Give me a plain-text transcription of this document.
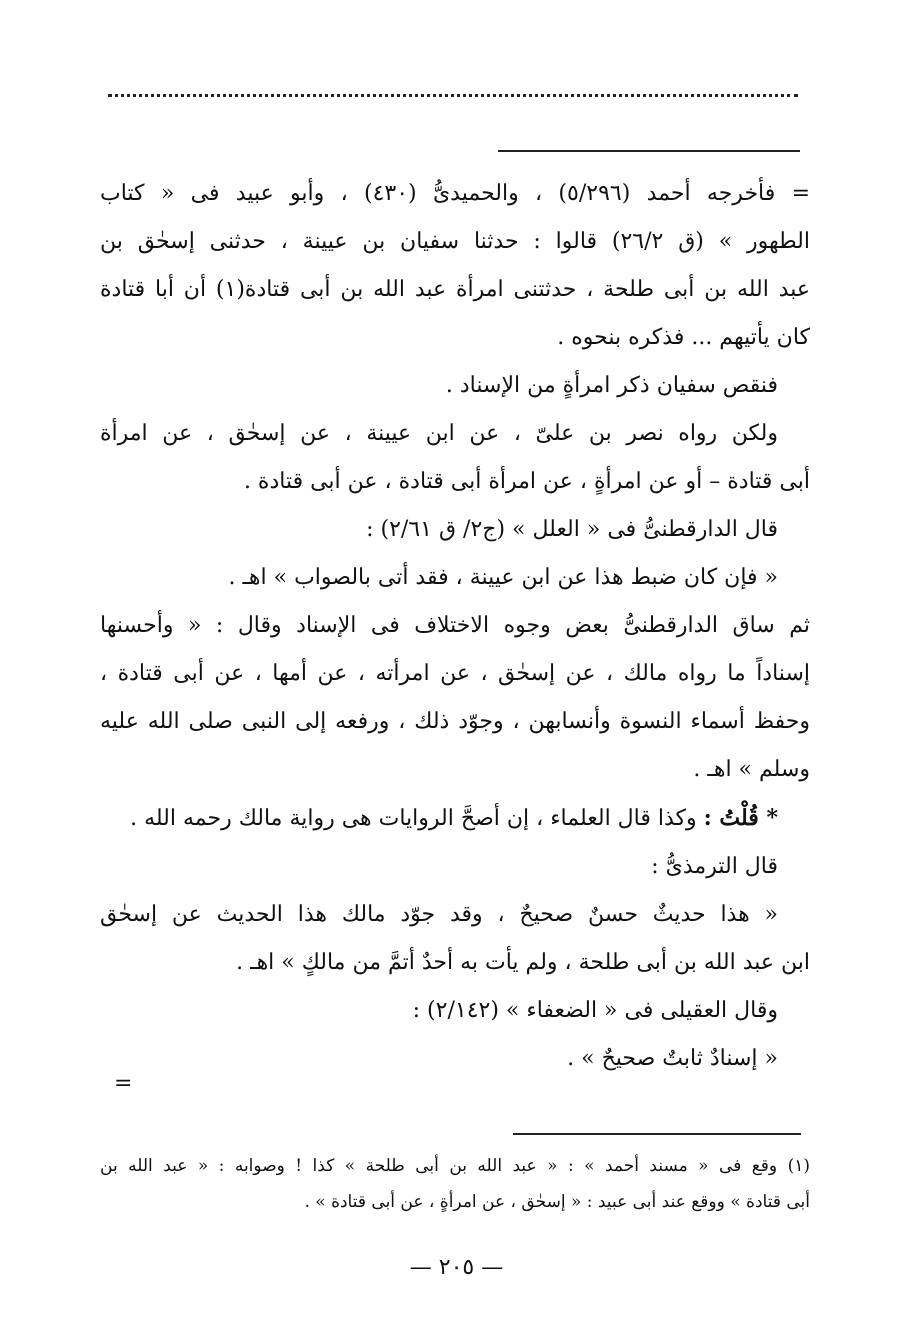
= فأخرجه أحمد (٥/٢٩٦) ، والحميدىُّ (٤٣٠) ، وأبو عبيد فى « كتاب

الطهور » (ق ٢٦/٢) قالوا : حدثنا سفيان بن عيينة ، حدثنى إسحٰق بن

عبد الله بن أبى طلحة ، حدثتنى امرأة عبد الله بن أبى قتادة(١) أن أبا قتادة

كان يأتيهم ... فذكره بنحوه .

فنقص سفيان ذكر امرأةٍ من الإسناد .

ولكن رواه نصر بن علىّ ، عن ابن عيينة ، عن إسحٰق ، عن امرأة

أبى قتادة – أو عن امرأةٍ ، عن امرأة أبى قتادة ، عن أبى قتادة .

قال الدارقطنىُّ فى « العلل » (ج٢/ ق ٢/٦١) :

« فإن كان ضبط هذا عن ابن عيينة ، فقد أتى بالصواب » اهـ .

ثم ساق الدارقطنىُّ بعض وجوه الاختلاف فى الإسناد وقال : « وأحسنها

إسناداً ما رواه مالك ، عن إسحٰق ، عن امرأته ، عن أمها ، عن أبى قتادة ،

وحفظ أسماء النسوة وأنسابهن ، وجوّد ذلك ، ورفعه إلى النبى صلى الله عليه

وسلم » اهـ .

* قُلْتُ : وكذا قال العلماء ، إن أصحَّ الروايات هى رواية مالك رحمه الله .

قال الترمذىُّ :

« هذا حديثٌ حسنٌ صحيحٌ ، وقد جوّد مالك هذا الحديث عن إسحٰق

ابن عبد الله بن أبى طلحة ، ولم يأت به أحدٌ أتمَّ من مالكٍ » اهـ .

وقال العقيلى فى « الضعفاء » (٢/١٤٢) :

« إسنادٌ ثابتٌ صحيحٌ » .

=

(١) وقع فى « مسند أحمد » : « عبد الله بن أبى طلحة » كذا ! وصوابه : « عبد الله بن

أبى قتادة » ووقع عند أبى عبيد : « إسحٰق ، عن امرأةٍ ، عن أبى قتادة » .

— ٢٠٥ —
